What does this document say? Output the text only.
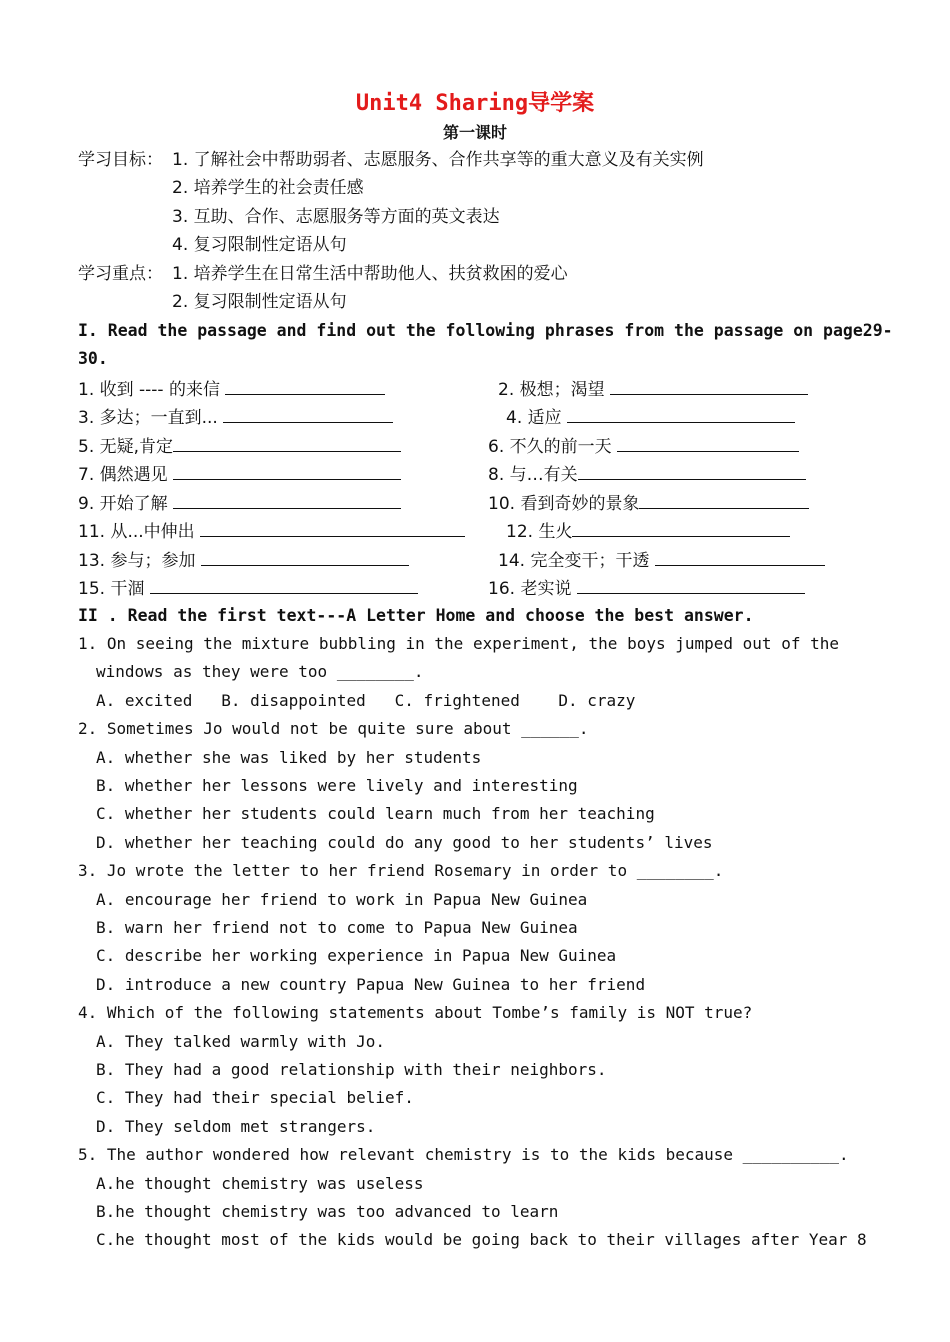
Unit4 Sharing导学案
第一课时
学习目标： 1. 了解社会中帮助弱者、志愿服务、合作共享等的重大意义及有关实例
2. 培养学生的社会责任感
3. 互助、合作、志愿服务等方面的英文表达
4. 复习限制性定语从句
学习重点： 1. 培养学生在日常生活中帮助他人、扶贫救困的爱心
2. 复习限制性定语从句
I. Read the passage and find out the following phrases from the passage on page29-
30.
1. 收到 ---- 的来信	2. 极想；渴望
3. 多达；一直到...	4. 适应
5. 无疑,肯定	6. 不久的前一天
7. 偶然遇见	8. 与…有关
9. 开始了解	10. 看到奇妙的景象
11. 从...中伸出	12. 生火
13. 参与；参加	14. 完全变干；干透
15. 干涸	16. 老实说
II . Read the first text---A Letter Home and choose the best answer.
1. On seeing the mixture bubbling in the experiment, the boys jumped out of the
windows as they were too ________.
A. excited   B. disappointed   C. frightened    D. crazy
2. Sometimes Jo would not be quite sure about ______.
A. whether she was liked by her students
B. whether her lessons were lively and interesting
C. whether her students could learn much from her teaching
D. whether her teaching could do any good to her students’ lives
3. Jo wrote the letter to her friend Rosemary in order to ________.
A. encourage her friend to work in Papua New Guinea
B. warn her friend not to come to Papua New Guinea
C. describe her working experience in Papua New Guinea
D. introduce a new country Papua New Guinea to her friend
4. Which of the following statements about Tombe’s family is NOT true?
A. They talked warmly with Jo.
B. They had a good relationship with their neighbors.
C. They had their special belief.
D. They seldom met strangers.
5. The author wondered how relevant chemistry is to the kids because __________.
A.he thought chemistry was useless
B.he thought chemistry was too advanced to learn
C.he thought most of the kids would be going back to their villages after Year 8
